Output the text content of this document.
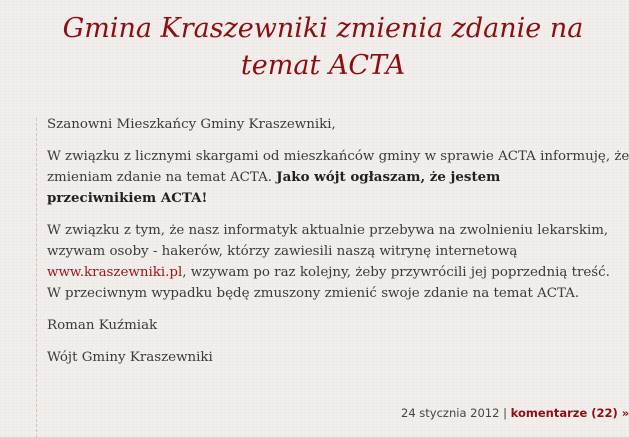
Gmina Kraszewniki zmienia zdanie na temat ACTA

Szanowni Mieszkańcy Gminy Kraszewniki,

W związku z licznymi skargami od mieszkańców gminy w sprawie ACTA informuję, że
zmieniam zdanie na temat ACTA. Jako wójt ogłaszam, że jestem
przeciwnikiem ACTA!

W związku z tym, że nasz informatyk aktualnie przebywa na zwolnieniu lekarskim,
wzywam osoby - hakerów, którzy zawiesili naszą witrynę internetową
www.kraszewniki.pl, wzywam po raz kolejny, żeby przywrócili jej poprzednią treść.
W przeciwnym wypadku będę zmuszony zmienić swoje zdanie na temat ACTA.

Roman Kuźmiak

Wójt Gminy Kraszewniki

24 stycznia 2012 | komentarze (22) »
